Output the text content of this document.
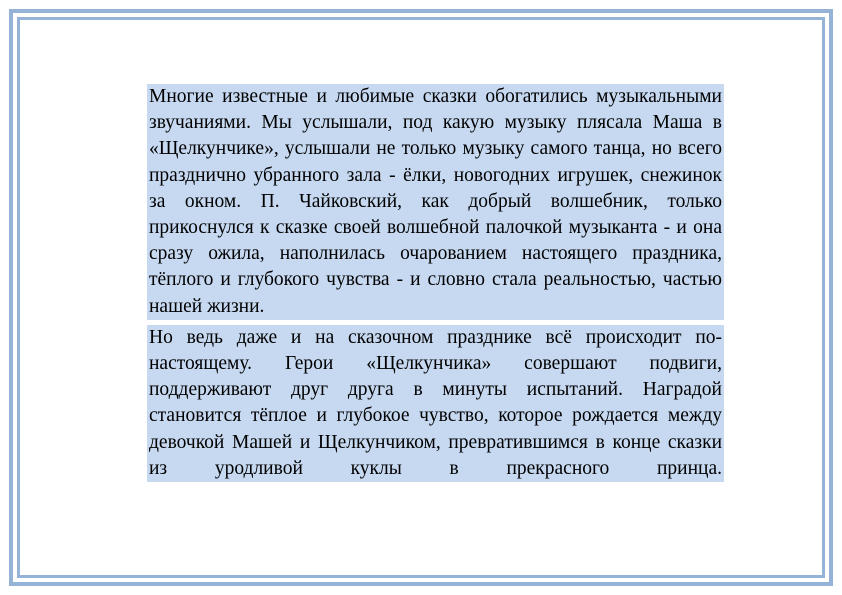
Многие известные и любимые сказки обогатились музыкальными звучаниями. Мы услышали, под какую музыку плясала Маша в «Щелкунчике», услышали не только музыку самого танца, но всего празднично убранного зала - ёлки, новогодних игрушек, снежинок за окном. П. Чайковский, как добрый волшебник, только прикоснулся к сказке своей волшебной палочкой музыканта - и она сразу ожила, наполнилась очарованием настоящего праздника, тёплого и глубокого чувства - и словно стала реальностью, частью нашей жизни.

Но ведь даже и на сказочном празднике всё происходит по-настоящему. Герои «Щелкунчика» совершают подвиги, поддерживают друг друга в минуты испытаний. Наградой становится тёплое и глубокое чувство, которое рождается между девочкой Машей и Щелкунчиком, превратившимся в конце сказки из уродливой куклы в прекрасного принца.
